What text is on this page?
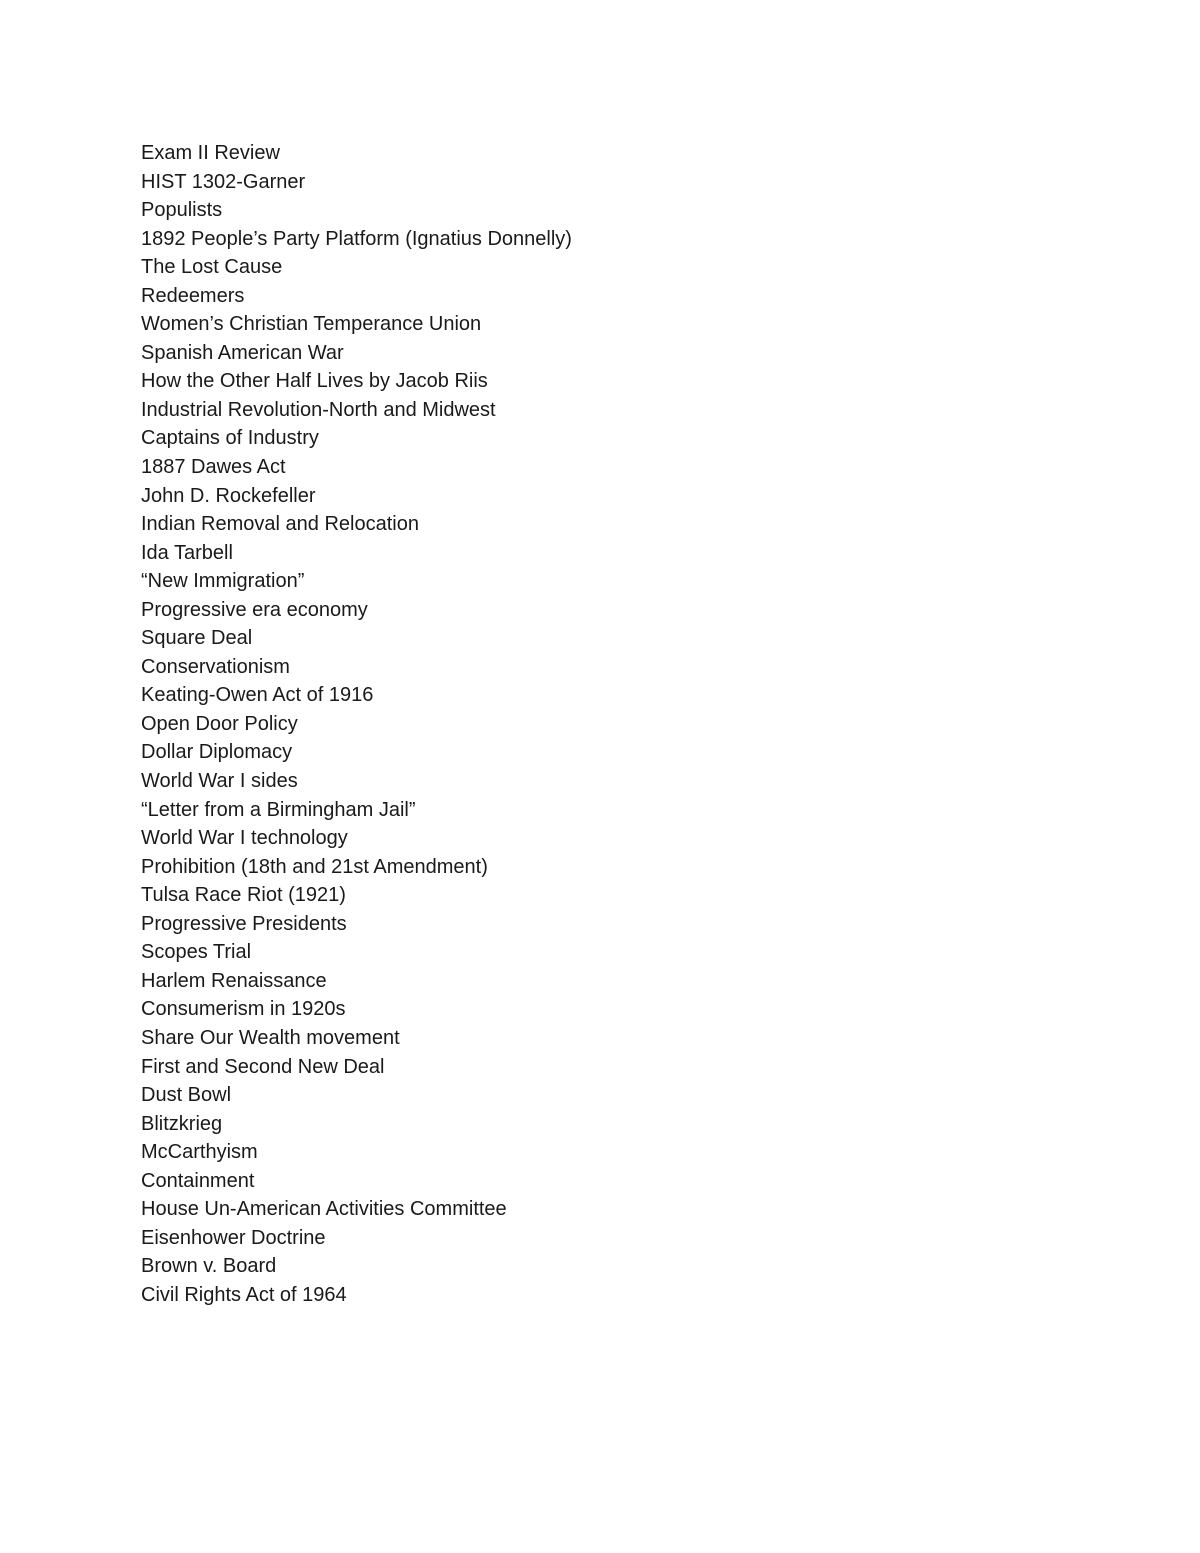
Exam II Review
HIST 1302-Garner
Populists
1892 People’s Party Platform (Ignatius Donnelly)
The Lost Cause
Redeemers
Women’s Christian Temperance Union
Spanish American War
How the Other Half Lives by Jacob Riis
Industrial Revolution-North and Midwest
Captains of Industry
1887 Dawes Act
John D. Rockefeller
Indian Removal and Relocation
Ida Tarbell
“New Immigration”
Progressive era economy
Square Deal
Conservationism
Keating-Owen Act of 1916
Open Door Policy
Dollar Diplomacy
World War I sides
“Letter from a Birmingham Jail”
World War I technology
Prohibition (18th and 21st Amendment)
Tulsa Race Riot (1921)
Progressive Presidents
Scopes Trial
Harlem Renaissance
Consumerism in 1920s
Share Our Wealth movement
First and Second New Deal
Dust Bowl
Blitzkrieg
McCarthyism
Containment
House Un-American Activities Committee
Eisenhower Doctrine
Brown v. Board
Civil Rights Act of 1964
